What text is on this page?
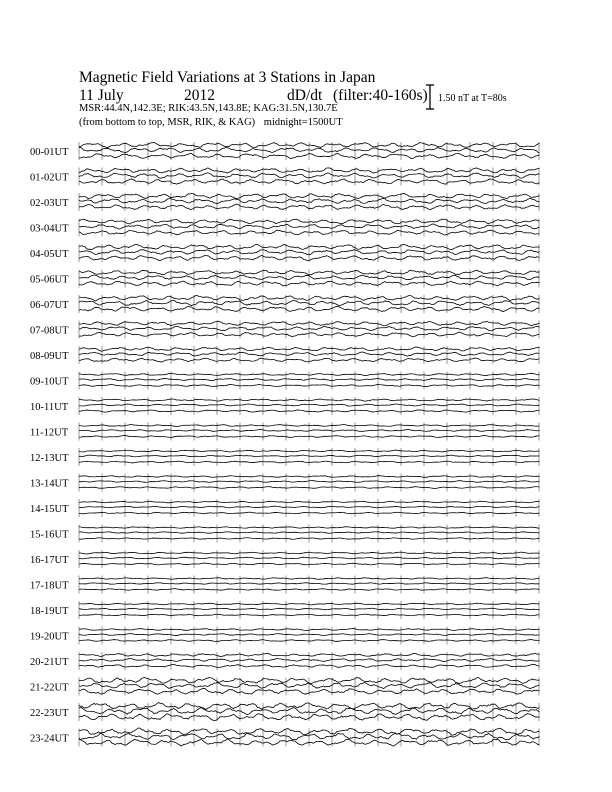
Magnetic Field Variations at 3 Stations in Japan
11 July	2012	dD/dt (filter:40-160s)
MSR:44.4N,142.3E; RIK:43.5N,143.8E; KAG:31.5N,130.7E
(from bottom to top, MSR, RIK, & KAG) midnight=1500UT
1.50 nT at T=80s
00-01UT
01-02UT
02-03UT
03-04UT
04-05UT
05-06UT
06-07UT
07-08UT
08-09UT
09-10UT
10-11UT
11-12UT
12-13UT
13-14UT
14-15UT
15-16UT
16-17UT
17-18UT
18-19UT
19-20UT
20-21UT
21-22UT
22-23UT
23-24UT
